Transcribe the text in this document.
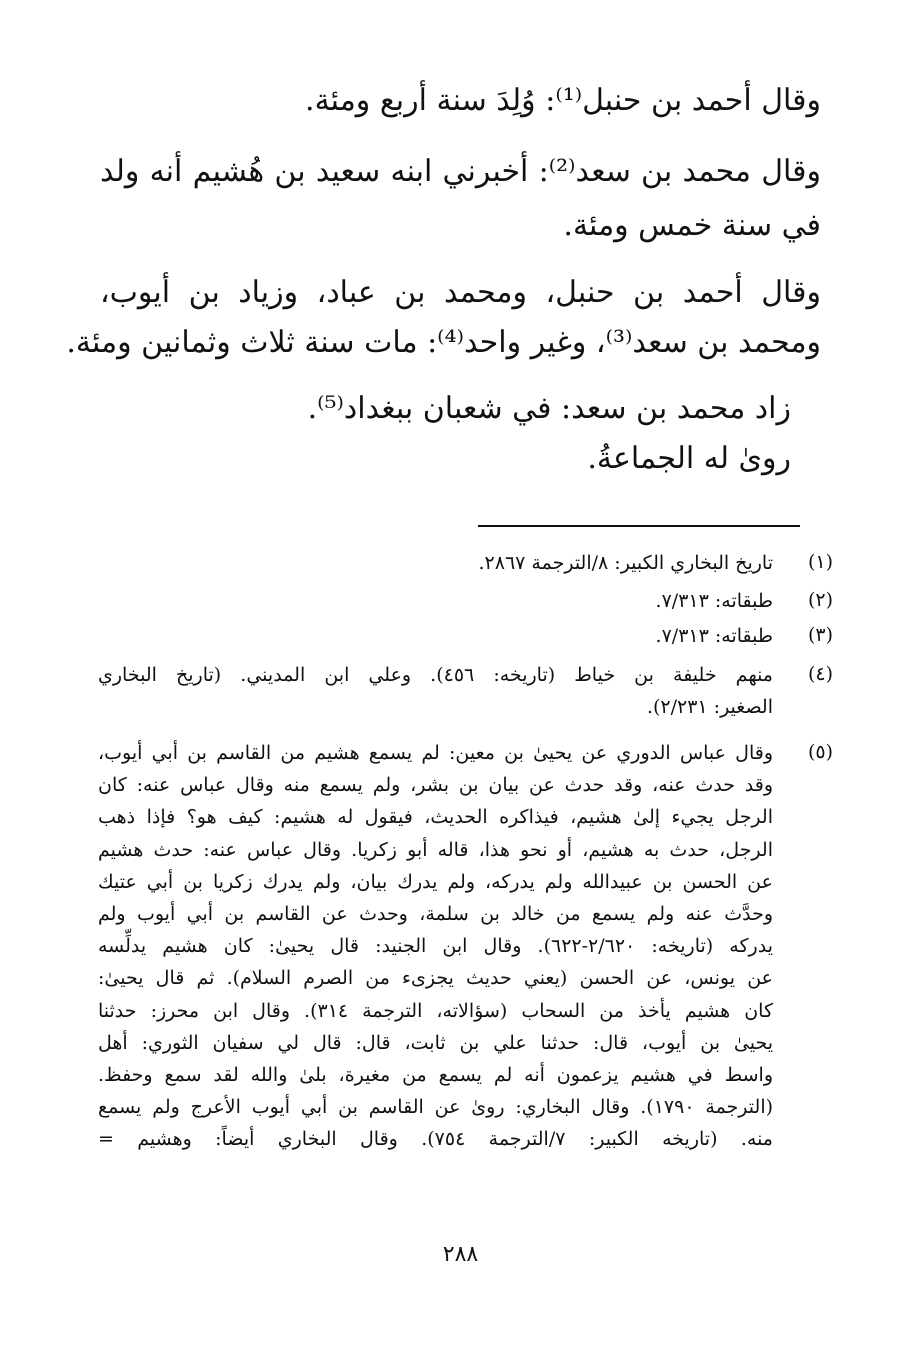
وقال أحمد بن حنبل⁽¹⁾: وُلِدَ سنة أربع ومئة.
وقال محمد بن سعد⁽²⁾: أخبرني ابنه سعيد بن هُشيم أنه ولد
في سنة خمس ومئة.
وقال أحمد بن حنبل، ومحمد بن عباد، وزياد بن أيوب،
ومحمد بن سعد⁽³⁾، وغير واحد⁽⁴⁾: مات سنة ثلاث وثمانين ومئة.
زاد محمد بن سعد: في شعبان ببغداد⁽⁵⁾.
روىٰ له الجماعةُ.
(١)

تاريخ البخاري الكبير: ٨/الترجمة ٢٨٦٧.

(٢)

طبقاته: ٧/٣١٣.

(٣)

طبقاته: ٧/٣١٣.

(٤)

منهم خليفة بن خياط (تاريخه: ٤٥٦). وعلي ابن المديني. (تاريخ البخاري

الصغير: ٢/٢٣١).

(٥)

وقال عباس الدوري عن يحيىٰ بن معين: لم يسمع هشيم من القاسم بن أبي أيوب،

وقد حدث عنه، وقد حدث عن بيان بن بشر، ولم يسمع منه وقال عباس عنه: كان

الرجل يجيء إلىٰ هشيم، فيذاكره الحديث، فيقول له هشيم: كيف هو؟ فإذا ذهب

الرجل، حدث به هشيم، أو نحو هذا، قاله أبو زكريا. وقال عباس عنه: حدث هشيم

عن الحسن بن عبيدالله ولم يدركه، ولم يدرك بيان، ولم يدرك زكريا بن أبي عتيك

وحدَّث عنه ولم يسمع من خالد بن سلمة، وحدث عن القاسم بن أبي أيوب ولم

يدركه (تاريخه: ٢/٦٢٠-٦٢٢). وقال ابن الجنيد: قال يحيىٰ: كان هشيم يدلِّسه

عن يونس، عن الحسن (يعني حديث يجزىء من الصرم السلام). ثم قال يحيىٰ:

كان هشيم يأخذ من السحاب (سؤالاته، الترجمة ٣١٤). وقال ابن محرز: حدثنا

يحيىٰ بن أيوب، قال: حدثنا علي بن ثابت، قال: قال لي سفيان الثوري: أهل

واسط في هشيم يزعمون أنه لم يسمع من مغيرة، بلىٰ والله لقد سمع وحفظ.

(الترجمة ١٧٩٠). وقال البخاري: روىٰ عن القاسم بن أبي أيوب الأعرج ولم يسمع

منه. (تاريخه الكبير: ٧/الترجمة ٧٥٤). وقال البخاري أيضاً: وهشيم =

٢٨٨
